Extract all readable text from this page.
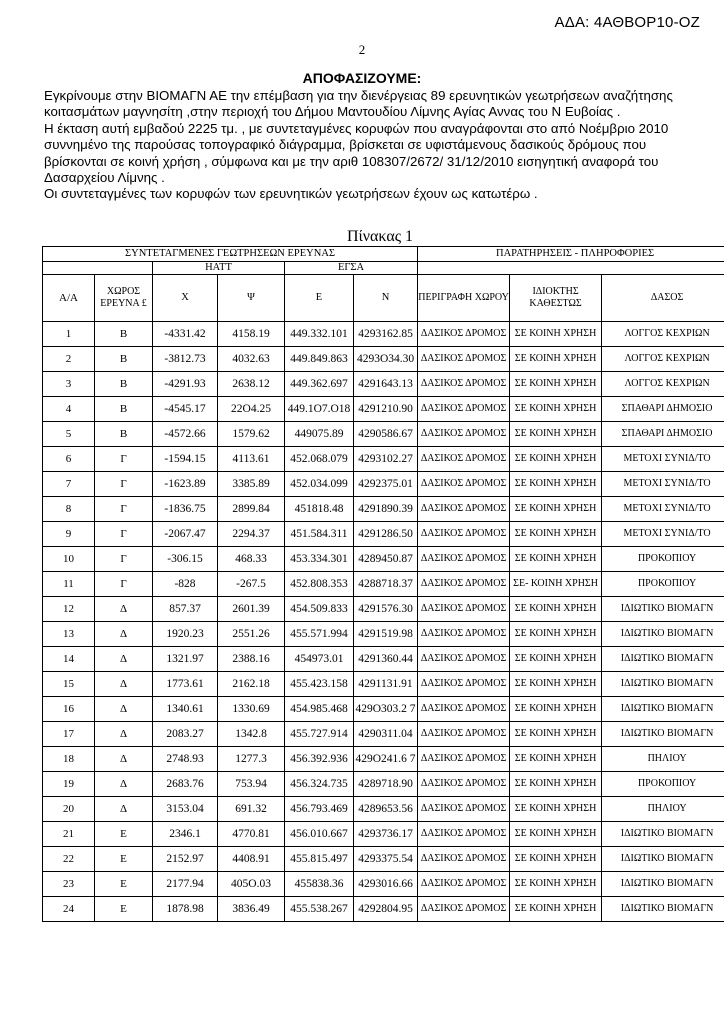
ΑΔΑ: 4ΑΘΒΟΡ10-ΟΖ
2
ΑΠΟΦΑΣΙΖΟΥΜΕ:

Εγκρίνουμε στην ΒΙΟΜΑΓΝ ΑΕ την επέμβαση για την διενέργειας 89 ερευνητικών γεωτρήσεων αναζήτησης κοιτασμάτων μαγνησίτη ,στην περιοχή του Δήμου Μαντουδίου Λίμνης Αγίας Αννας του Ν Ευβοίας .

Η έκταση αυτή εμβαδού 2225 τμ. , με συντεταγμένες κορυφών που αναγράφονται στο από Νοέμβριο 2010 συννημένο της παρούσας τοπογραφικό διάγραμμα, βρίσκεται σε υφιστάμενους δασικούς δρόμους που βρίσκονται σε κοινή χρήση , σύμφωνα και με την αριθ 108307/2672/ 31/12/2010 εισηγητική αναφορά του Δασαρχείου Λίμνης .

Οι συντεταγμένες των κορυφών των ερευνητικών γεωτρήσεων έχουν ως κατωτέρω .

Πίνακας 1
ΣΥΝΤΕΤΑΓΜΕΝΕΣ ΓΕΩΤΡΗΣΕΩΝ ΕΡΕΥΝΑΣ						ΠΑΡΑΤΗΡΗΣΕΙΣ - ΠΛΗΡΟΦΟΡΙΕΣ		
		ΗΑΤΤ		ΕΓΣΑ				
Α/Α	ΧΩΡΟΣ ΕΡΕΥΝΑ £	Χ	Ψ	Ε	Ν	ΠΕΡΙΓΡΑΦΗ ΧΩΡΟΥ	ΙΔΙΟΚΤΗΣ ΚΑΘΕΣΤΩΣ	ΔΑΣΟΣ
1	Β	-4331.42	4158.19	449.332.101	4293162.85	ΔΑΣΙΚΟΣ ΔΡΟΜΟΣ	ΣΕ ΚΟΙΝΗ ΧΡΗΣΗ	ΛΟΓΓΟΣ ΚΕΧΡΙΩΝ
2	Β	-3812.73	4032.63	449.849.863	4293O34.30	ΔΑΣΙΚΟΣ ΔΡΟΜΟΣ	ΣΕ ΚΟΙΝΗ ΧΡΗΣΗ	ΛΟΓΓΟΣ ΚΕΧΡΙΩΝ
3	Β	-4291.93	2638.12	449.362.697	4291643.13	ΔΑΣΙΚΟΣ ΔΡΟΜΟΣ	ΣΕ ΚΟΙΝΗ ΧΡΗΣΗ	ΛΟΓΓΟΣ ΚΕΧΡΙΩΝ
4	Β	-4545.17	22O4.25	449.1O7.O18	4291210.90	ΔΑΣΙΚΟΣ ΔΡΟΜΟΣ	ΣΕ ΚΟΙΝΗ ΧΡΗΣΗ	ΣΠΑΘΑΡΙ ΔΗΜΟΣΙΟ
5	Β	-4572.66	1579.62	449075.89	4290586.67	ΔΑΣΙΚΟΣ ΔΡΟΜΟΣ	ΣΕ ΚΟΙΝΗ ΧΡΗΣΗ	ΣΠΑΘΑΡΙ ΔΗΜΟΣΙΟ
6	Γ	-1594.15	4113.61	452.068.079	4293102.27	ΔΑΣΙΚΟΣ ΔΡΟΜΟΣ	ΣΕ ΚΟΙΝΗ ΧΡΗΣΗ	ΜΕΤΟΧΙ ΣΥΝΙΔ/ΤΟ
7	Γ	-1623.89	3385.89	452.034.099	4292375.01	ΔΑΣΙΚΟΣ ΔΡΟΜΟΣ	ΣΕ ΚΟΙΝΗ ΧΡΗΣΗ	ΜΕΤΟΧΙ ΣΥΝΙΔ/ΤΟ
8	Γ	-1836.75	2899.84	451818.48	4291890.39	ΔΑΣΙΚΟΣ ΔΡΟΜΟΣ	ΣΕ ΚΟΙΝΗ ΧΡΗΣΗ	ΜΕΤΟΧΙ ΣΥΝΙΔ/ΤΟ
9	Γ	-2067.47	2294.37	451.584.311	4291286.50	ΔΑΣΙΚΟΣ ΔΡΟΜΟΣ	ΣΕ ΚΟΙΝΗ ΧΡΗΣΗ	ΜΕΤΟΧΙ ΣΥΝΙΔ/ΤΟ
10	Γ	-306.15	468.33	453.334.301	4289450.87	ΔΑΣΙΚΟΣ ΔΡΟΜΟΣ	ΣΕ ΚΟΙΝΗ ΧΡΗΣΗ	ΠΡΟΚΟΠΙΟΥ
11	Γ	-828	-267.5	452.808.353	4288718.37	ΔΑΣΙΚΟΣ ΔΡΟΜΟΣ	ΣΕ- ΚΟΙΝΗ ΧΡΗΣΗ	ΠΡΟΚΟΠΙΟΥ
12	Δ	857.37	2601.39	454.509.833	4291576.30	ΔΑΣΙΚΟΣ ΔΡΟΜΟΣ	ΣΕ ΚΟΙΝΗ ΧΡΗΣΗ	ΙΔΙΩΤΙΚΟ ΒΙΟΜΑΓΝ
13	Δ	1920.23	2551.26	455.571.994	4291519.98	ΔΑΣΙΚΟΣ ΔΡΟΜΟΣ	ΣΕ ΚΟΙΝΗ ΧΡΗΣΗ	ΙΔΙΩΤΙΚΟ ΒΙΟΜΑΓΝ
14	Δ	1321.97	2388.16	454973.01	4291360.44	ΔΑΣΙΚΟΣ ΔΡΟΜΟΣ	ΣΕ ΚΟΙΝΗ ΧΡΗΣΗ	ΙΔΙΩΤΙΚΟ ΒΙΟΜΑΓΝ
15	Δ	1773.61	2162.18	455.423.158	4291131.91	ΔΑΣΙΚΟΣ ΔΡΟΜΟΣ	ΣΕ ΚΟΙΝΗ ΧΡΗΣΗ	ΙΔΙΩΤΙΚΟ ΒΙΟΜΑΓΝ
16	Δ	1340.61	1330.69	454.985.468	429O303.2 7	ΔΑΣΙΚΟΣ ΔΡΟΜΟΣ	ΣΕ ΚΟΙΝΗ ΧΡΗΣΗ	ΙΔΙΩΤΙΚΟ ΒΙΟΜΑΓΝ
17	Δ	2083.27	1342.8	455.727.914	4290311.04	ΔΑΣΙΚΟΣ ΔΡΟΜΟΣ	ΣΕ ΚΟΙΝΗ ΧΡΗΣΗ	ΙΔΙΩΤΙΚΟ ΒΙΟΜΑΓΝ
18	Δ	2748.93	1277.3	456.392.936	429O241.6 7	ΔΑΣΙΚΟΣ ΔΡΟΜΟΣ	ΣΕ ΚΟΙΝΗ ΧΡΗΣΗ	ΠΗΛΙΟΥ
19	Δ	2683.76	753.94	456.324.735	4289718.90	ΔΑΣΙΚΟΣ ΔΡΟΜΟΣ	ΣΕ ΚΟΙΝΗ ΧΡΗΣΗ	ΠΡΟΚΟΠΙΟΥ
20	Δ	3153.04	691.32	456.793.469	4289653.56	ΔΑΣΙΚΟΣ ΔΡΟΜΟΣ	ΣΕ ΚΟΙΝΗ ΧΡΗΣΗ	ΠΗΛΙΟΥ
21	Ε	2346.1	4770.81	456.010.667	4293736.17	ΔΑΣΙΚΟΣ ΔΡΟΜΟΣ	ΣΕ ΚΟΙΝΗ ΧΡΗΣΗ	ΙΔΙΩΤΙΚΟ ΒΙΟΜΑΓΝ
22	Ε	2152.97	4408.91	455.815.497	4293375.54	ΔΑΣΙΚΟΣ ΔΡΟΜΟΣ	ΣΕ ΚΟΙΝΗ ΧΡΗΣΗ	ΙΔΙΩΤΙΚΟ ΒΙΟΜΑΓΝ
23	Ε	2177.94	405O.03	455838.36	4293016.66	ΔΑΣΙΚΟΣ ΔΡΟΜΟΣ	ΣΕ ΚΟΙΝΗ ΧΡΗΣΗ	ΙΔΙΩΤΙΚΟ ΒΙΟΜΑΓΝ
24	Ε	1878.98	3836.49	455.538.267	4292804.95	ΔΑΣΙΚΟΣ ΔΡΟΜΟΣ	ΣΕ ΚΟΙΝΗ ΧΡΗΣΗ	ΙΔΙΩΤΙΚΟ ΒΙΟΜΑΓΝ
